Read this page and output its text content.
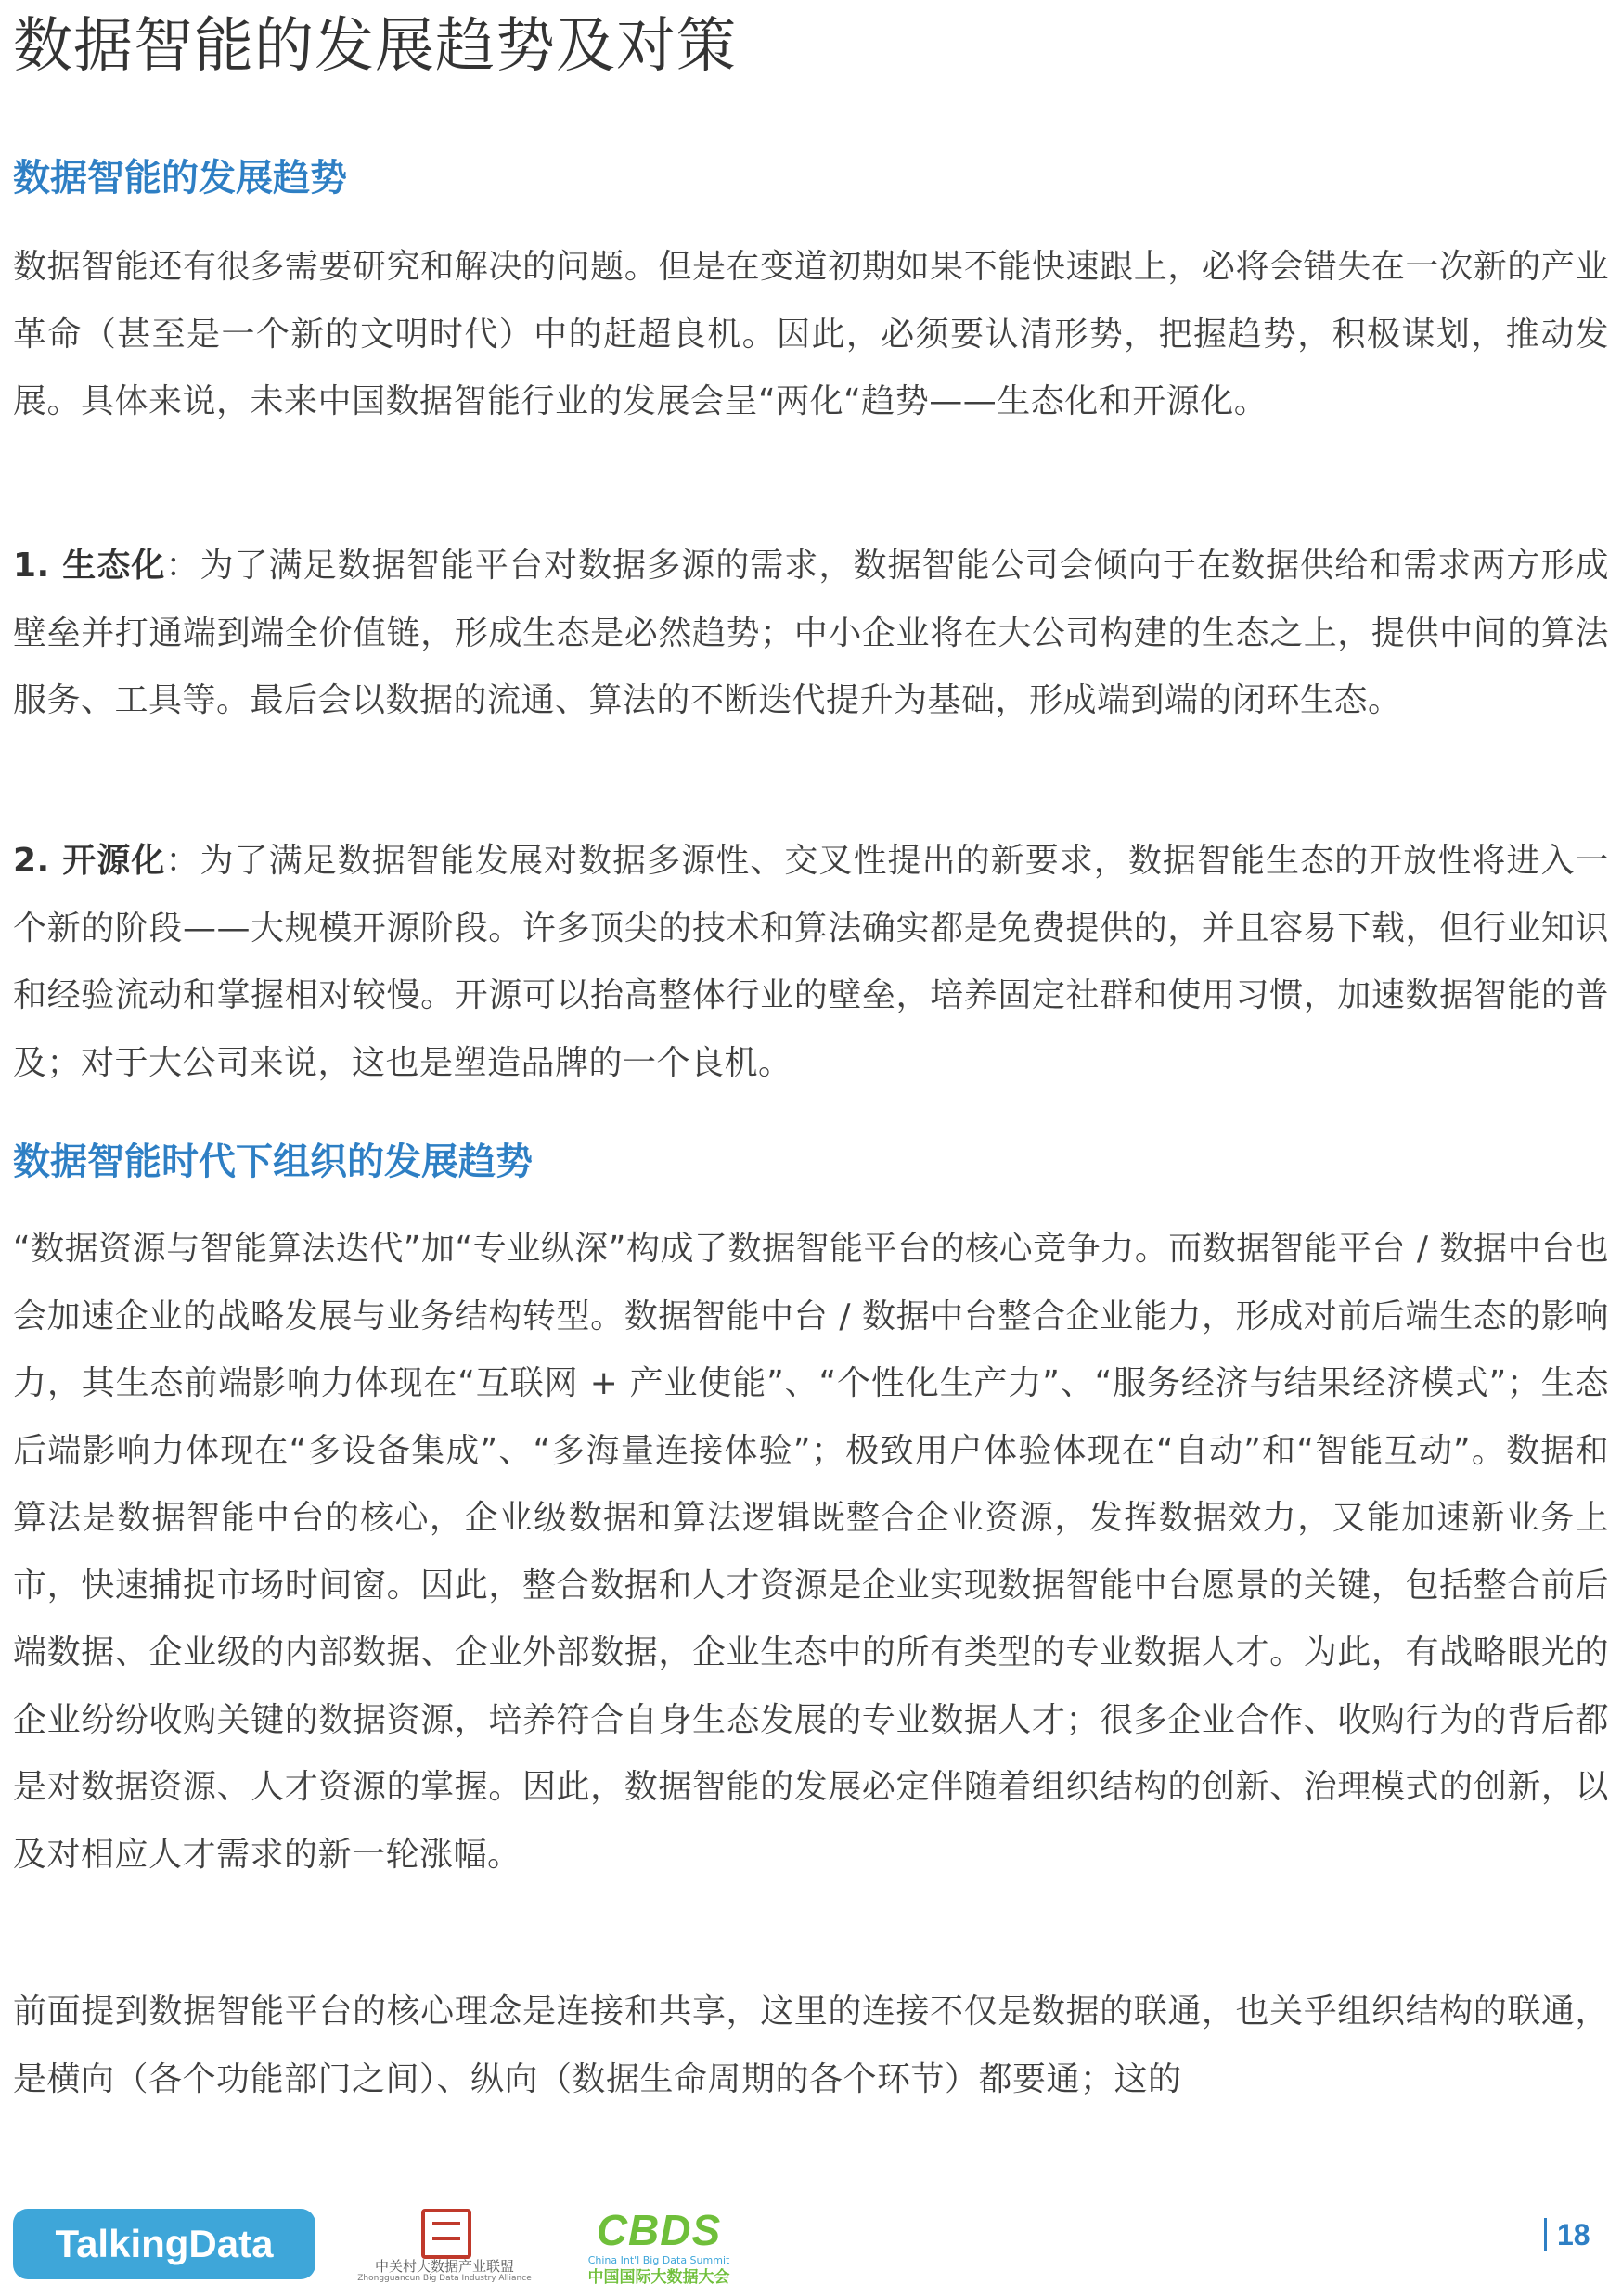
数据智能的发展趋势及对策
数据智能的发展趋势
数据智能还有很多需要研究和解决的问题。但是在变道初期如果不能快速跟上，必将会错失在一次新的产业革命（甚至是一个新的文明时代）中的赶超良机。因此，必须要认清形势，把握趋势，积极谋划，推动发展。具体来说，未来中国数据智能行业的发展会呈“两化“趋势——生态化和开源化。
1. 生态化：为了满足数据智能平台对数据多源的需求，数据智能公司会倾向于在数据供给和需求两方形成壁垒并打通端到端全价值链，形成生态是必然趋势；中小企业将在大公司构建的生态之上，提供中间的算法服务、工具等。最后会以数据的流通、算法的不断迭代提升为基础，形成端到端的闭环生态。
2. 开源化：为了满足数据智能发展对数据多源性、交叉性提出的新要求，数据智能生态的开放性将进入一个新的阶段——大规模开源阶段。许多顶尖的技术和算法确实都是免费提供的，并且容易下载，但行业知识和经验流动和掌握相对较慢。开源可以抬高整体行业的壁垒，培养固定社群和使用习惯，加速数据智能的普及；对于大公司来说，这也是塑造品牌的一个良机。
数据智能时代下组织的发展趋势
“数据资源与智能算法迭代”加“专业纵深”构成了数据智能平台的核心竞争力。而数据智能平台 / 数据中台也会加速企业的战略发展与业务结构转型。数据智能中台 / 数据中台整合企业能力，形成对前后端生态的影响力，其生态前端影响力体现在“互联网 + 产业使能”、“个性化生产力”、“服务经济与结果经济模式”；生态后端影响力体现在“多设备集成”、“多海量连接体验”；极致用户体验体现在“自动”和“智能互动”。数据和算法是数据智能中台的核心，企业级数据和算法逻辑既整合企业资源，发挥数据效力，又能加速新业务上市，快速捕捉市场时间窗。因此，整合数据和人才资源是企业实现数据智能中台愿景的关键，包括整合前后端数据、企业级的内部数据、企业外部数据，企业生态中的所有类型的专业数据人才。为此，有战略眼光的企业纷纷收购关键的数据资源，培养符合自身生态发展的专业数据人才；很多企业合作、收购行为的背后都是对数据资源、人才资源的掌握。因此，数据智能的发展必定伴随着组织结构的创新、治理模式的创新，以及对相应人才需求的新一轮涨幅。
前面提到数据智能平台的核心理念是连接和共享，这里的连接不仅是数据的联通，也关乎组织结构的联通，是横向（各个功能部门之间）、纵向（数据生命周期的各个环节）都要通；这的
TalkingData
中关村大数据产业联盟
Zhongguancun Big Data Industry Alliance
CBDS
China Int'l Big Data Summit
中国国际大数据大会
18
